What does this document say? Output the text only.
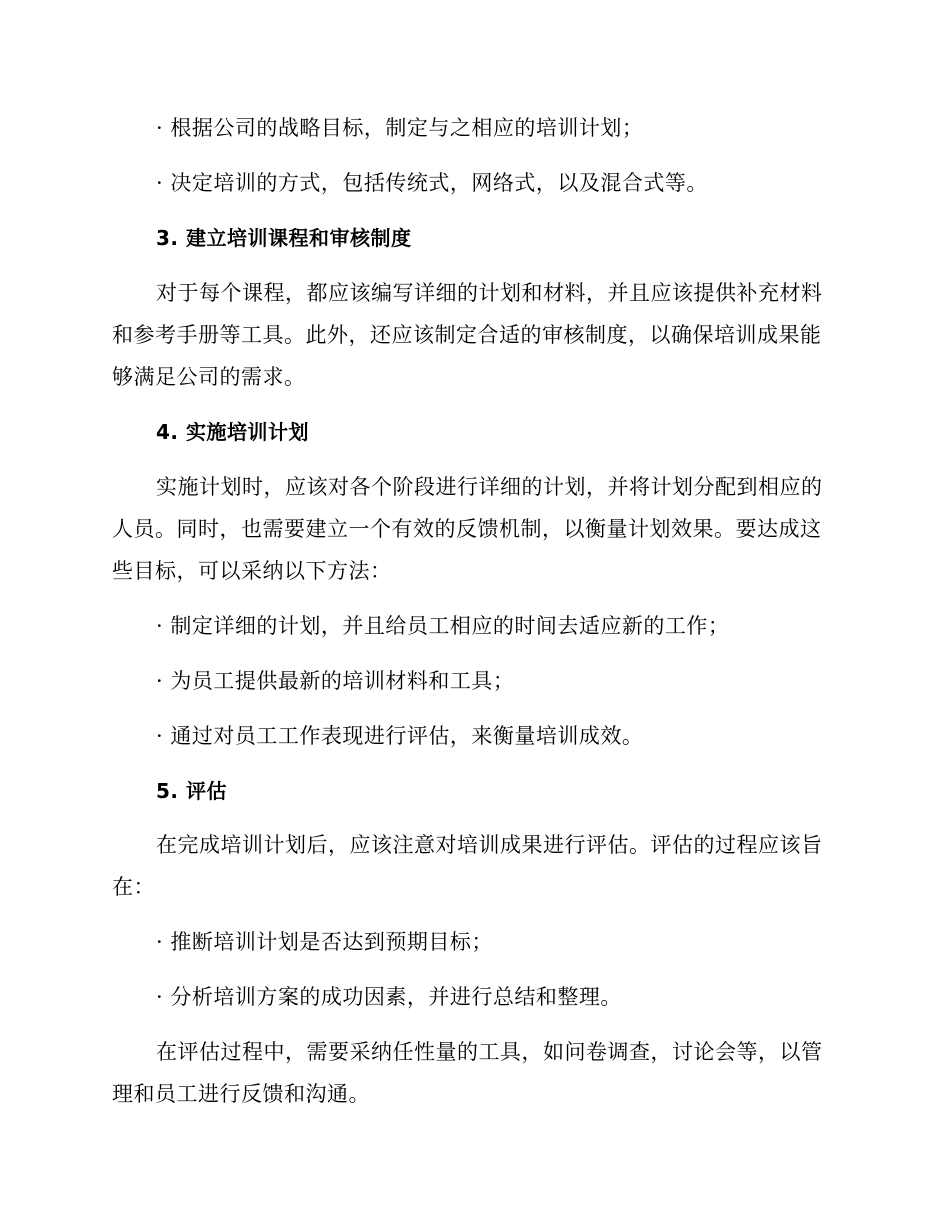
· 根据公司的战略目标，制定与之相应的培训计划；
· 决定培训的方式，包括传统式，网络式，以及混合式等。
3. 建立培训课程和审核制度
对于每个课程，都应该编写详细的计划和材料，并且应该提供补充材料
和参考手册等工具。此外，还应该制定合适的审核制度，以确保培训成果能
够满足公司的需求。
4. 实施培训计划
实施计划时，应该对各个阶段进行详细的计划，并将计划分配到相应的
人员。同时，也需要建立一个有效的反馈机制，以衡量计划效果。要达成这
些目标，可以采纳以下方法：
· 制定详细的计划，并且给员工相应的时间去适应新的工作；
· 为员工提供最新的培训材料和工具；
· 通过对员工工作表现进行评估，来衡量培训成效。
5. 评估
在完成培训计划后，应该注意对培训成果进行评估。评估的过程应该旨
在：
· 推断培训计划是否达到预期目标；
· 分析培训方案的成功因素，并进行总结和整理。
在评估过程中，需要采纳任性量的工具，如问卷调查，讨论会等，以管
理和员工进行反馈和沟通。
